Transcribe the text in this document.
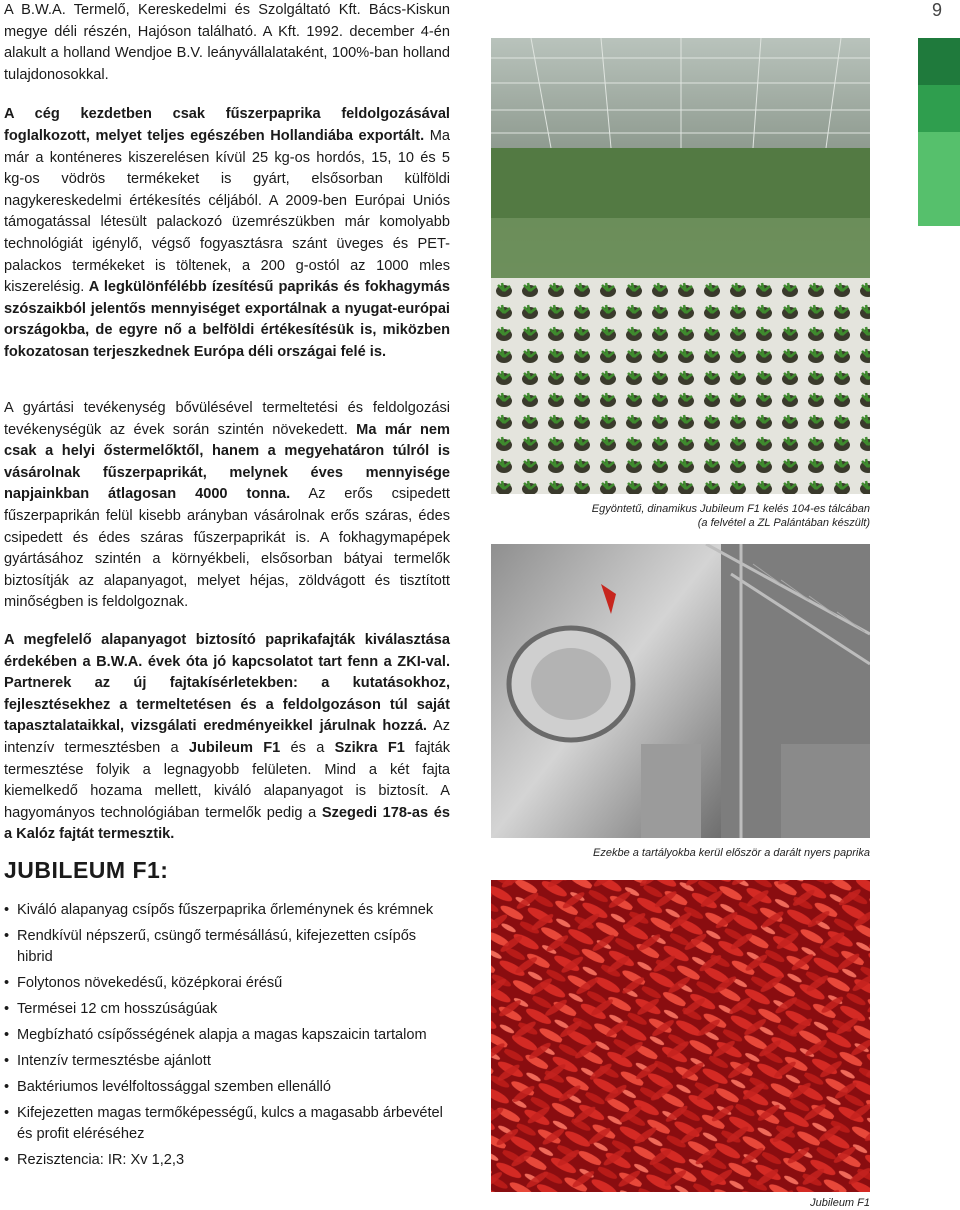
9

A B.W.A. Termelő, Kereskedelmi és Szolgáltató Kft. Bács-Kiskun megye déli részén, Hajóson található. A Kft. 1992. december 4-én alakult a holland Wendjoe B.V. leányvállalataként, 100%-ban holland tulajdonosokkal.

A cég kezdetben csak fűszerpaprika feldolgozásával foglalkozott, melyet teljes egészében Hollandiába exportált. Ma már a konténeres kiszerelésen kívül 25 kg-os hordós, 15, 10 és 5 kg-os vödrös termékeket is gyárt, elsősorban külföldi nagykereskedelmi értékesítés céljából. A 2009-ben Európai Uniós támogatással létesült palackozó üzemrészükben már komolyabb technológiát igénylő, végső fogyasztásra szánt üveges és PET-palackos termékeket is töltenek, a 200 g-ostól az 1000 mles kiszerelésig. A legkülönfélébb ízesítésű paprikás és fokhagymás szószaikból jelentős mennyiséget exportálnak a nyugat-európai országokba, de egyre nő a belföldi értékesítésük is, miközben fokozatosan terjeszkednek Európa déli országai felé is.

A gyártási tevékenység bővülésével termeltetési és feldolgozási tevékenységük az évek során szintén növekedett. Ma már nem csak a helyi őstermelőktől, hanem a megyehatáron túlról is vásárolnak fűszerpaprikát, melynek éves mennyisége napjainkban átlagosan 4000 tonna. Az erős csipedett fűszerpaprikán felül kisebb arányban vásárolnak erős száras, édes csipedett és édes száras fűszerpaprikát is. A fokhagymapépek gyártásához szintén a környékbeli, elsősorban bátyai termelők biztosítják az alapanyagot, melyet héjas, zöldvágott és tisztított minőségben is feldolgoznak.

A megfelelő alapanyagot biztosító paprikafajták kiválasztása érdekében a B.W.A. évek óta jó kapcsolatot tart fenn a ZKI-val. Partnerek az új fajtakísérletekben: a kutatásokhoz, fejlesztésekhez a termeltetésen és a feldolgozáson túl saját tapasztalataikkal, vizsgálati eredményeikkel járulnak hozzá. Az intenzív termesztésben a Jubileum F1 és a Szikra F1 fajták termesztése folyik a legnagyobb felületen. Mind a két fajta kiemelkedő hozama mellett, kiváló alapanyagot is biztosít. A hagyományos technológiában termelők pedig a Szegedi 178-as és a Kalóz fajtát termesztik.

JUBILEUM F1:
• Kiváló alapanyag csípős fűszerpaprika őrleménynek és krémnek
• Rendkívül népszerű, csüngő termésállású, kifejezetten csípős hibrid
• Folytonos növekedésű, középkorai érésű
• Termései 12 cm hosszúságúak
• Megbízható csípősségének alapja a magas kapszaicin tartalom
• Intenzív termesztésbe ajánlott
• Baktériumos levélfoltossággal szemben ellenálló
• Kifejezetten magas termőképességű, kulcs a magasabb árbevétel és profit eléréséhez
• Rezisztencia: IR: Xv 1,2,3
Egyöntetű, dinamikus Jubileum F1 kelés 104-es tálcában
(a felvétel a ZL Palántában készült)
Ezekbe a tartályokba kerül először a darált nyers paprika
Jubileum F1
